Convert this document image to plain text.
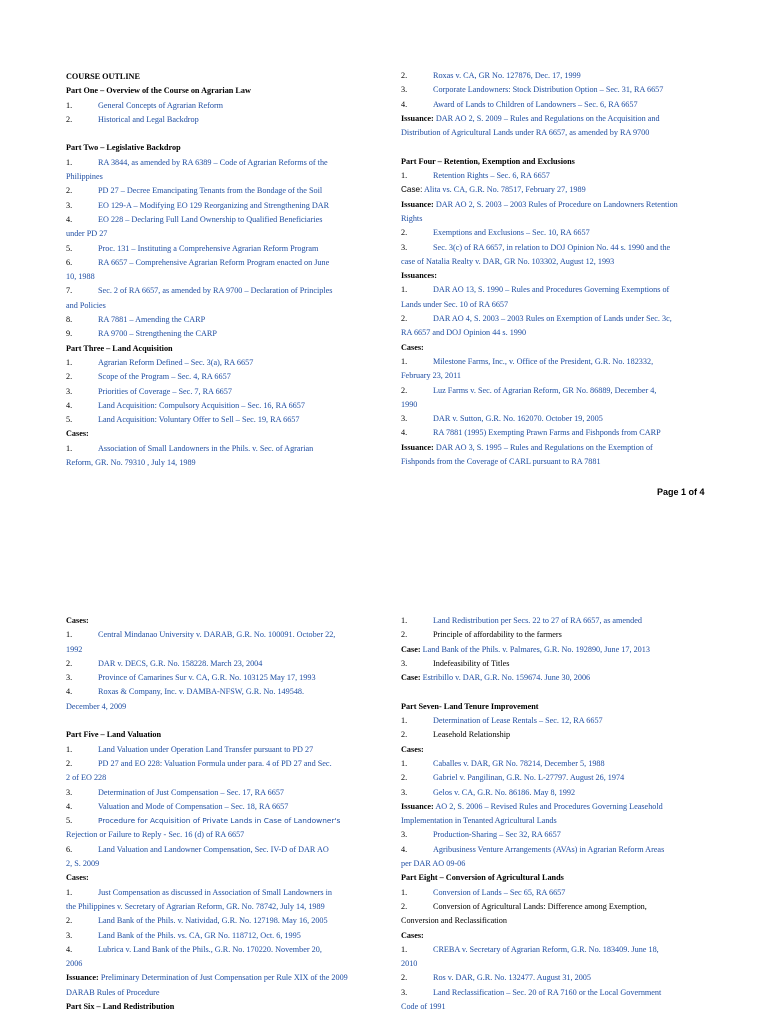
COURSE OUTLINE
Part One – Overview of the Course on Agrarian Law
1.	General Concepts of Agrarian Reform
2.	Historical and Legal Backdrop
Part Two – Legislative Backdrop
1.	RA 3844, as amended by RA 6389 – Code of Agrarian Reforms of the
Philippines
2.	PD 27 – Decree Emancipating Tenants from the Bondage of the Soil
3.	EO 129-A – Modifying EO 129 Reorganizing and Strengthening DAR
4.	EO 228 – Declaring Full Land Ownership to Qualified Beneficiaries
under PD 27
5.	Proc. 131 – Instituting a Comprehensive Agrarian Reform Program
6.	RA 6657 – Comprehensive Agrarian Reform Program enacted on June
10, 1988
7.	Sec. 2 of RA 6657, as amended by RA 9700 – Declaration of Principles
and Policies
8.	RA 7881 – Amending the CARP
9.	RA 9700 – Strengthening the CARP
Part Three – Land Acquisition
1.	Agrarian Reform Defined – Sec. 3(a), RA 6657
2.	Scope of the Program – Sec. 4, RA 6657
3.	Priorities of Coverage – Sec. 7, RA 6657
4.	Land Acquisition: Compulsory Acquisition – Sec. 16, RA 6657
5.	Land Acquisition: Voluntary Offer to Sell – Sec. 19, RA 6657
Cases:
1.	Association of Small Landowners in the Phils. v. Sec. of Agrarian
Reform, GR. No. 79310 , July 14, 1989
2.	Roxas v. CA, GR No. 127876, Dec. 17, 1999
3.	Corporate Landowners: Stock Distribution Option – Sec. 31, RA 6657
4.	Award of Lands to Children of Landowners – Sec. 6, RA 6657
Issuance: DAR AO 2, S. 2009 – Rules and Regulations on the Acquisition and
Distribution of Agricultural Lands under RA 6657, as amended by RA 9700
Part Four – Retention, Exemption and Exclusions
1.	Retention Rights – Sec. 6, RA 6657
Case: Alita vs. CA, G.R. No. 78517, February 27, 1989
Issuance: DAR AO 2, S. 2003 – 2003 Rules of Procedure on Landowners Retention
Rights
2.	Exemptions and Exclusions – Sec. 10, RA 6657
3.	Sec. 3(c) of RA 6657, in relation to DOJ Opinion No. 44 s. 1990 and the
case of Natalia Realty v. DAR, GR No. 103302, August 12, 1993
Issuances:
1.	DAR AO 13, S. 1990 – Rules and Procedures Governing Exemptions of
Lands under Sec. 10 of RA 6657
2.	DAR AO 4, S. 2003 – 2003 Rules on Exemption of Lands under Sec. 3c,
RA 6657 and DOJ Opinion 44 s. 1990
Cases:
1.	Milestone Farms, Inc., v. Office of the President, G.R. No. 182332,
February 23, 2011
2.	Luz Farms v. Sec. of Agrarian Reform, GR No. 86889, December 4,
1990
3.	DAR v. Sutton, G.R. No. 162070. October 19, 2005
4.	RA 7881 (1995) Exempting Prawn Farms and Fishponds from CARP
Issuance: DAR AO 3, S. 1995 – Rules and Regulations on the Exemption of
Fishponds from the Coverage of CARL pursuant to RA 7881
Page 1 of 4
Cases:
1.	Central Mindanao University v. DARAB, G.R. No. 100091. October 22,
1992
2.	DAR v. DECS, G.R. No. 158228. March 23, 2004
3.	Province of Camarines Sur v. CA, G.R. No. 103125 May 17, 1993
4.	Roxas & Company, Inc. v. DAMBA-NFSW, G.R. No. 149548.
December 4, 2009
Part Five – Land Valuation
1.	Land Valuation under Operation Land Transfer pursuant to PD 27
2.	PD 27 and EO 228: Valuation Formula under para. 4 of PD 27 and Sec.
2 of EO 228
3.	Determination of Just Compensation – Sec. 17, RA 6657
4.	Valuation and Mode of Compensation – Sec. 18, RA 6657
5.	Procedure for Acquisition of Private Lands in Case of Landowner's
Rejection or Failure to Reply - Sec. 16 (d) of RA 6657
6.	Land Valuation and Landowner Compensation, Sec. IV-D of DAR AO
2, S. 2009
Cases:
1.	Just Compensation as discussed in Association of Small Landowners in
the Philippines v. Secretary of Agrarian Reform, GR. No. 78742, July 14, 1989
2.	Land Bank of the Phils. v. Natividad, G.R. No. 127198. May 16, 2005
3.	Land Bank of the Phils. vs. CA, GR No. 118712, Oct. 6, 1995
4.	Lubrica v. Land Bank of the Phils., G.R. No. 170220. November 20,
2006
Issuance: Preliminary Determination of Just Compensation per Rule XIX of the 2009
DARAB Rules of Procedure
Part Six – Land Redistribution
1.	Land Redistribution per Secs. 22 to 27 of RA 6657, as amended
2.	Principle of affordability to the farmers
Case: Land Bank of the Phils. v. Palmares, G.R. No. 192890, June 17, 2013
3.	Indefeasibility of Titles
Case: Estribillo v. DAR, G.R. No. 159674. June 30, 2006
Part Seven- Land Tenure Improvement
1.	Determination of Lease Rentals – Sec. 12, RA 6657
2.	Leasehold Relationship
Cases:
1.	Caballes v. DAR, GR No. 78214, December 5, 1988
2.	Gabriel v. Pangilinan, G.R. No. L-27797. August 26, 1974
3.	Gelos v. CA, G.R. No. 86186. May 8, 1992
Issuance: AO 2, S. 2006 – Revised Rules and Procedures Governing Leasehold
Implementation in Tenanted Agricultural Lands
3.	Production-Sharing – Sec 32, RA 6657
4.	Agribusiness Venture Arrangements (AVAs) in Agrarian Reform Areas
per DAR AO 09-06
Part Eight – Conversion of Agricultural Lands
1.	Conversion of Lands – Sec 65, RA 6657
2.	Conversion of Agricultural Lands: Difference among Exemption,
Conversion and Reclassification
Cases:
1.	CREBA v. Secretary of Agrarian Reform, G.R. No. 183409. June 18,
2010
2.	Ros v. DAR, G.R. No. 132477. August 31, 2005
3.	Land Reclassification – Sec. 20 of RA 7160 or the Local Government
Code of 1991
